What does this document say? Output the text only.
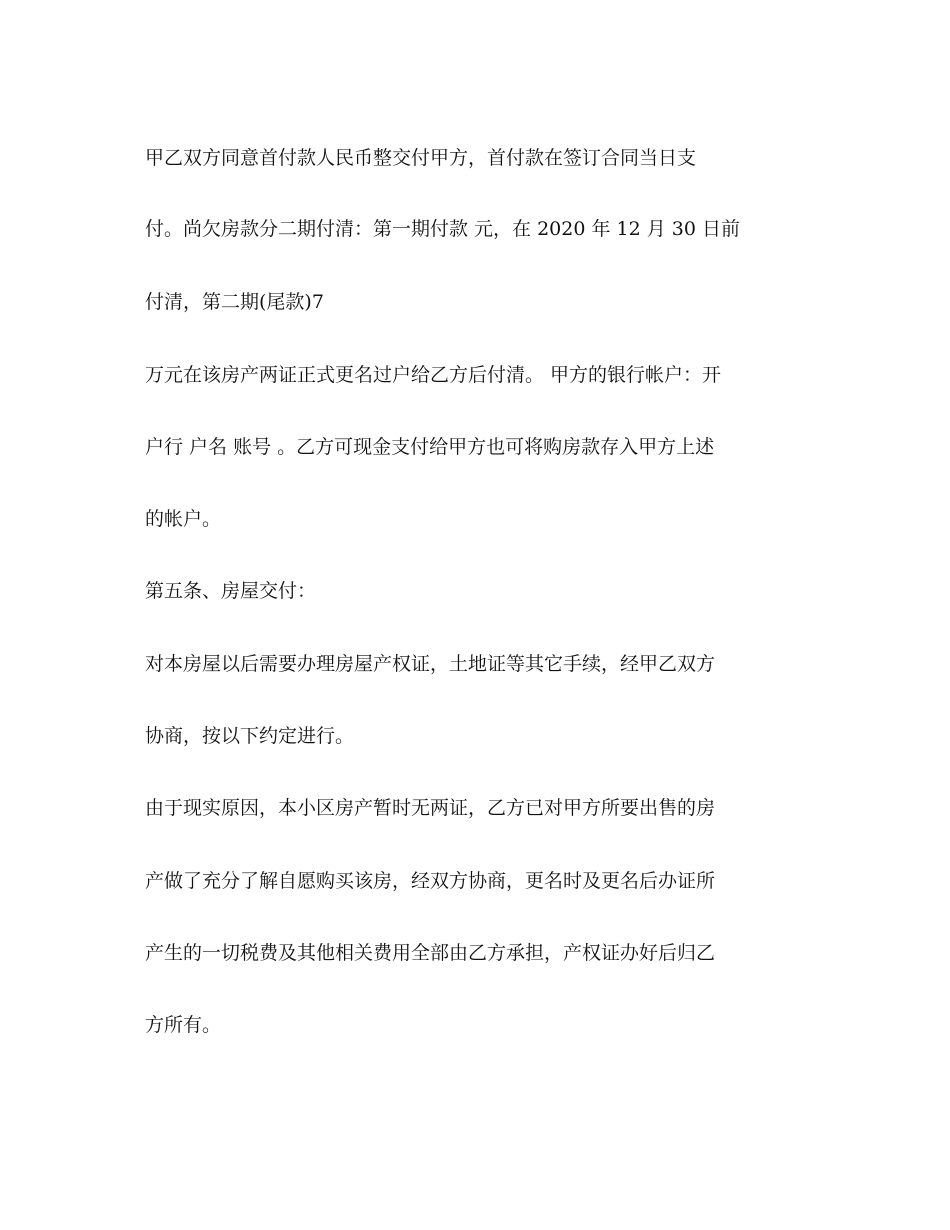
甲乙双方同意首付款人民币整交付甲方，首付款在签订合同当日支
付。尚欠房款分二期付清：第一期付款 元，在 2020 年 12 月 30 日前
付清，第二期(尾款)7
万元在该房产两证正式更名过户给乙方后付清。 甲方的银行帐户：开
户行 户名 账号 。乙方可现金支付给甲方也可将购房款存入甲方上述
的帐户。
第五条、房屋交付：
对本房屋以后需要办理房屋产权证，土地证等其它手续，经甲乙双方
协商，按以下约定进行。
由于现实原因，本小区房产暂时无两证，乙方已对甲方所要出售的房
产做了充分了解自愿购买该房，经双方协商，更名时及更名后办证所
产生的一切税费及其他相关费用全部由乙方承担，产权证办好后归乙
方所有。
